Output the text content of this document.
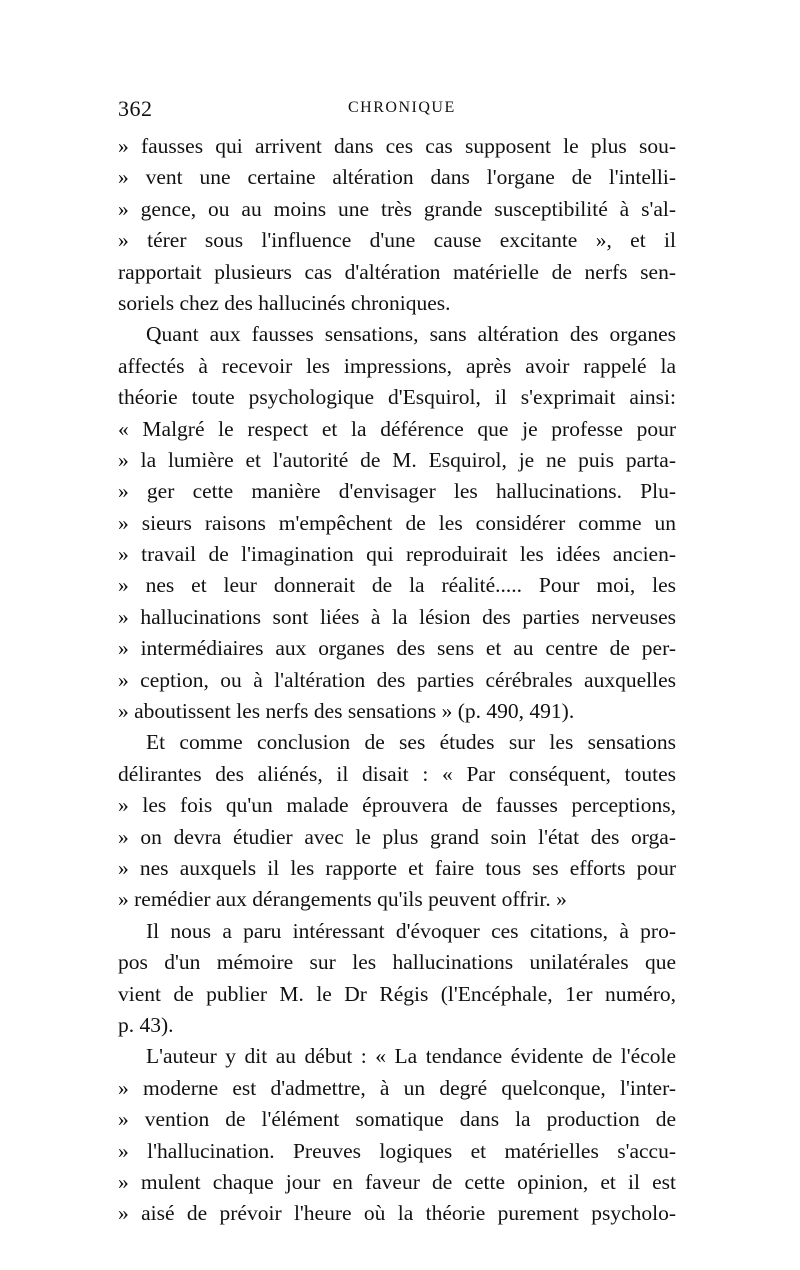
362	CHRONIQUE
» fausses qui arrivent dans ces cas supposent le plus sou-
» vent une certaine altération dans l'organe de l'intelli-
» gence, ou au moins une très grande susceptibilité à s'al-
» térer sous l'influence d'une cause excitante », et il
rapportait plusieurs cas d'altération matérielle de nerfs sen-
soriels chez des hallucinés chroniques.
Quant aux fausses sensations, sans altération des organes
affectés à recevoir les impressions, après avoir rappelé la
théorie toute psychologique d'Esquirol, il s'exprimait ainsi:
« Malgré le respect et la déférence que je professe pour
» la lumière et l'autorité de M. Esquirol, je ne puis parta-
» ger cette manière d'envisager les hallucinations. Plu-
» sieurs raisons m'empêchent de les considérer comme un
» travail de l'imagination qui reproduirait les idées ancien-
» nes et leur donnerait de la réalité..... Pour moi, les
» hallucinations sont liées à la lésion des parties nerveuses
» intermédiaires aux organes des sens et au centre de per-
» ception, ou à l'altération des parties cérébrales auxquelles
» aboutissent les nerfs des sensations » (p. 490, 491).
Et comme conclusion de ses études sur les sensations
délirantes des aliénés, il disait : « Par conséquent, toutes
» les fois qu'un malade éprouvera de fausses perceptions,
» on devra étudier avec le plus grand soin l'état des orga-
» nes auxquels il les rapporte et faire tous ses efforts pour
» remédier aux dérangements qu'ils peuvent offrir. »
Il nous a paru intéressant d'évoquer ces citations, à pro-
pos d'un mémoire sur les hallucinations unilatérales que
vient de publier M. le Dr Régis (l'Encéphale, 1er numéro,
p. 43).
L'auteur y dit au début : « La tendance évidente de l'école
» moderne est d'admettre, à un degré quelconque, l'inter-
» vention de l'élément somatique dans la production de
» l'hallucination. Preuves logiques et matérielles s'accu-
» mulent chaque jour en faveur de cette opinion, et il est
» aisé de prévoir l'heure où la théorie purement psycholo-
